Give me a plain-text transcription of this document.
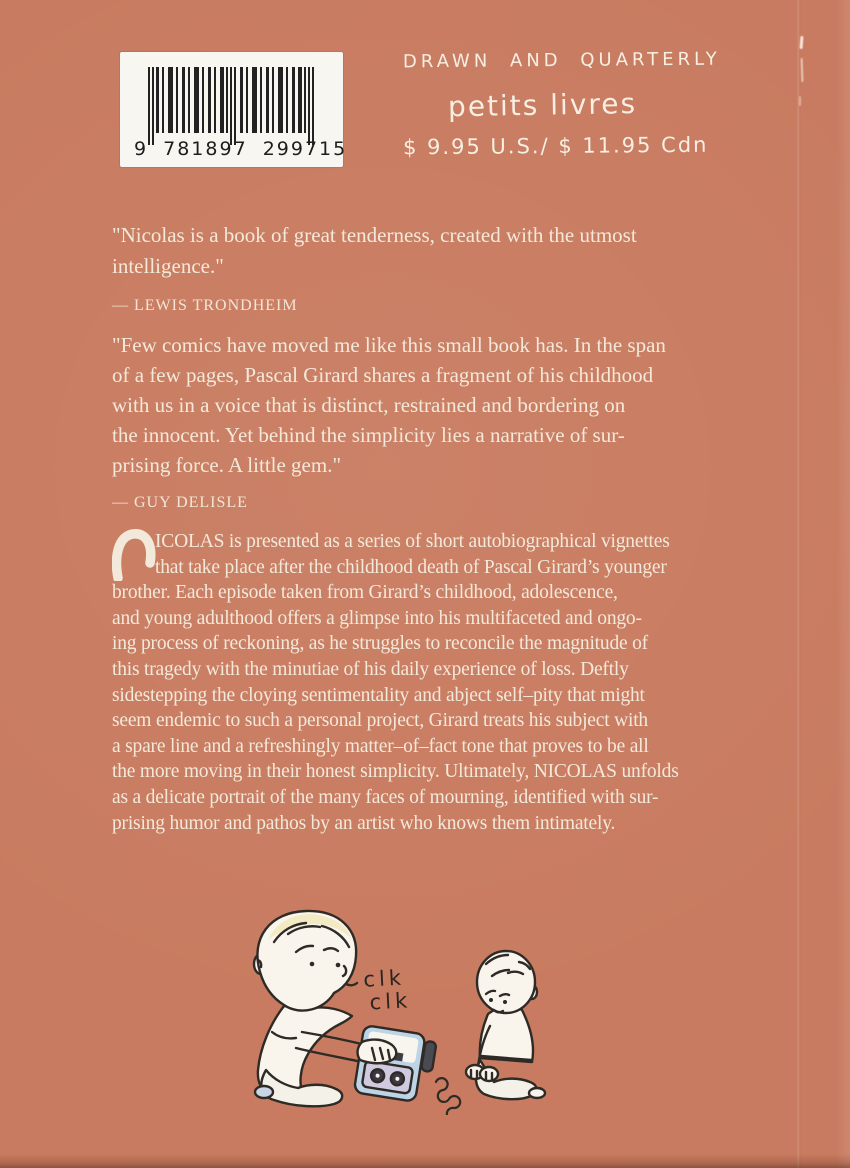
9 781897 299715
DRAWN AND QUARTERLY
petits livres
$ 9.95 U.S./ $ 11.95 Cdn
"Nicolas is a book of great tenderness, created with the utmost
intelligence."
— LEWIS TRONDHEIM
"Few comics have moved me like this small book has. In the span
of a few pages, Pascal Girard shares a fragment of his childhood
with us in a voice that is distinct, restrained and bordering on
the innocent. Yet behind the simplicity lies a narrative of sur-
prising force. A little gem."
— GUY DELISLE
ICOLAS is presented as a series of short autobiographical vignettes
that take place after the childhood death of Pascal Girard’s younger
brother. Each episode taken from Girard’s childhood, adolescence,
and young adulthood offers a glimpse into his multifaceted and ongo-
ing process of reckoning, as he struggles to reconcile the magnitude of
this tragedy with the minutiae of his daily experience of loss. Deftly
sidestepping the cloying sentimentality and abject self–pity that might
seem endemic to such a personal project, Girard treats his subject with
a spare line and a refreshingly matter–of–fact tone that proves to be all
the more moving in their honest simplicity. Ultimately, NICOLAS unfolds
as a delicate portrait of the many faces of mourning, identified with sur-
prising humor and pathos by an artist who knows them intimately.
clk
clk
